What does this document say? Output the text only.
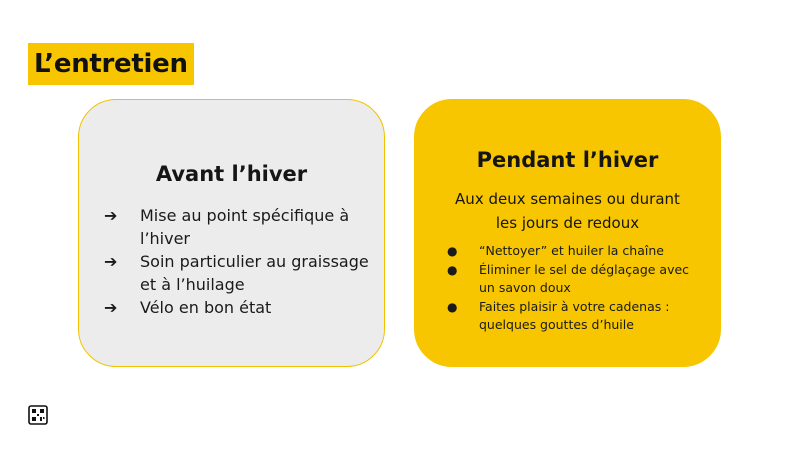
L’entretien
Avant l’hiver
➔ Mise au point spécifique à l’hiver
➔ Soin particulier au graissage et à l’huilage
➔ Vélo en bon état
Pendant l’hiver
Aux deux semaines ou durant
les jours de redoux
● “Nettoyer” et huiler la chaîne
● Éliminer le sel de déglaçage avec un savon doux
● Faites plaisir à votre cadenas : quelques gouttes d’huile
